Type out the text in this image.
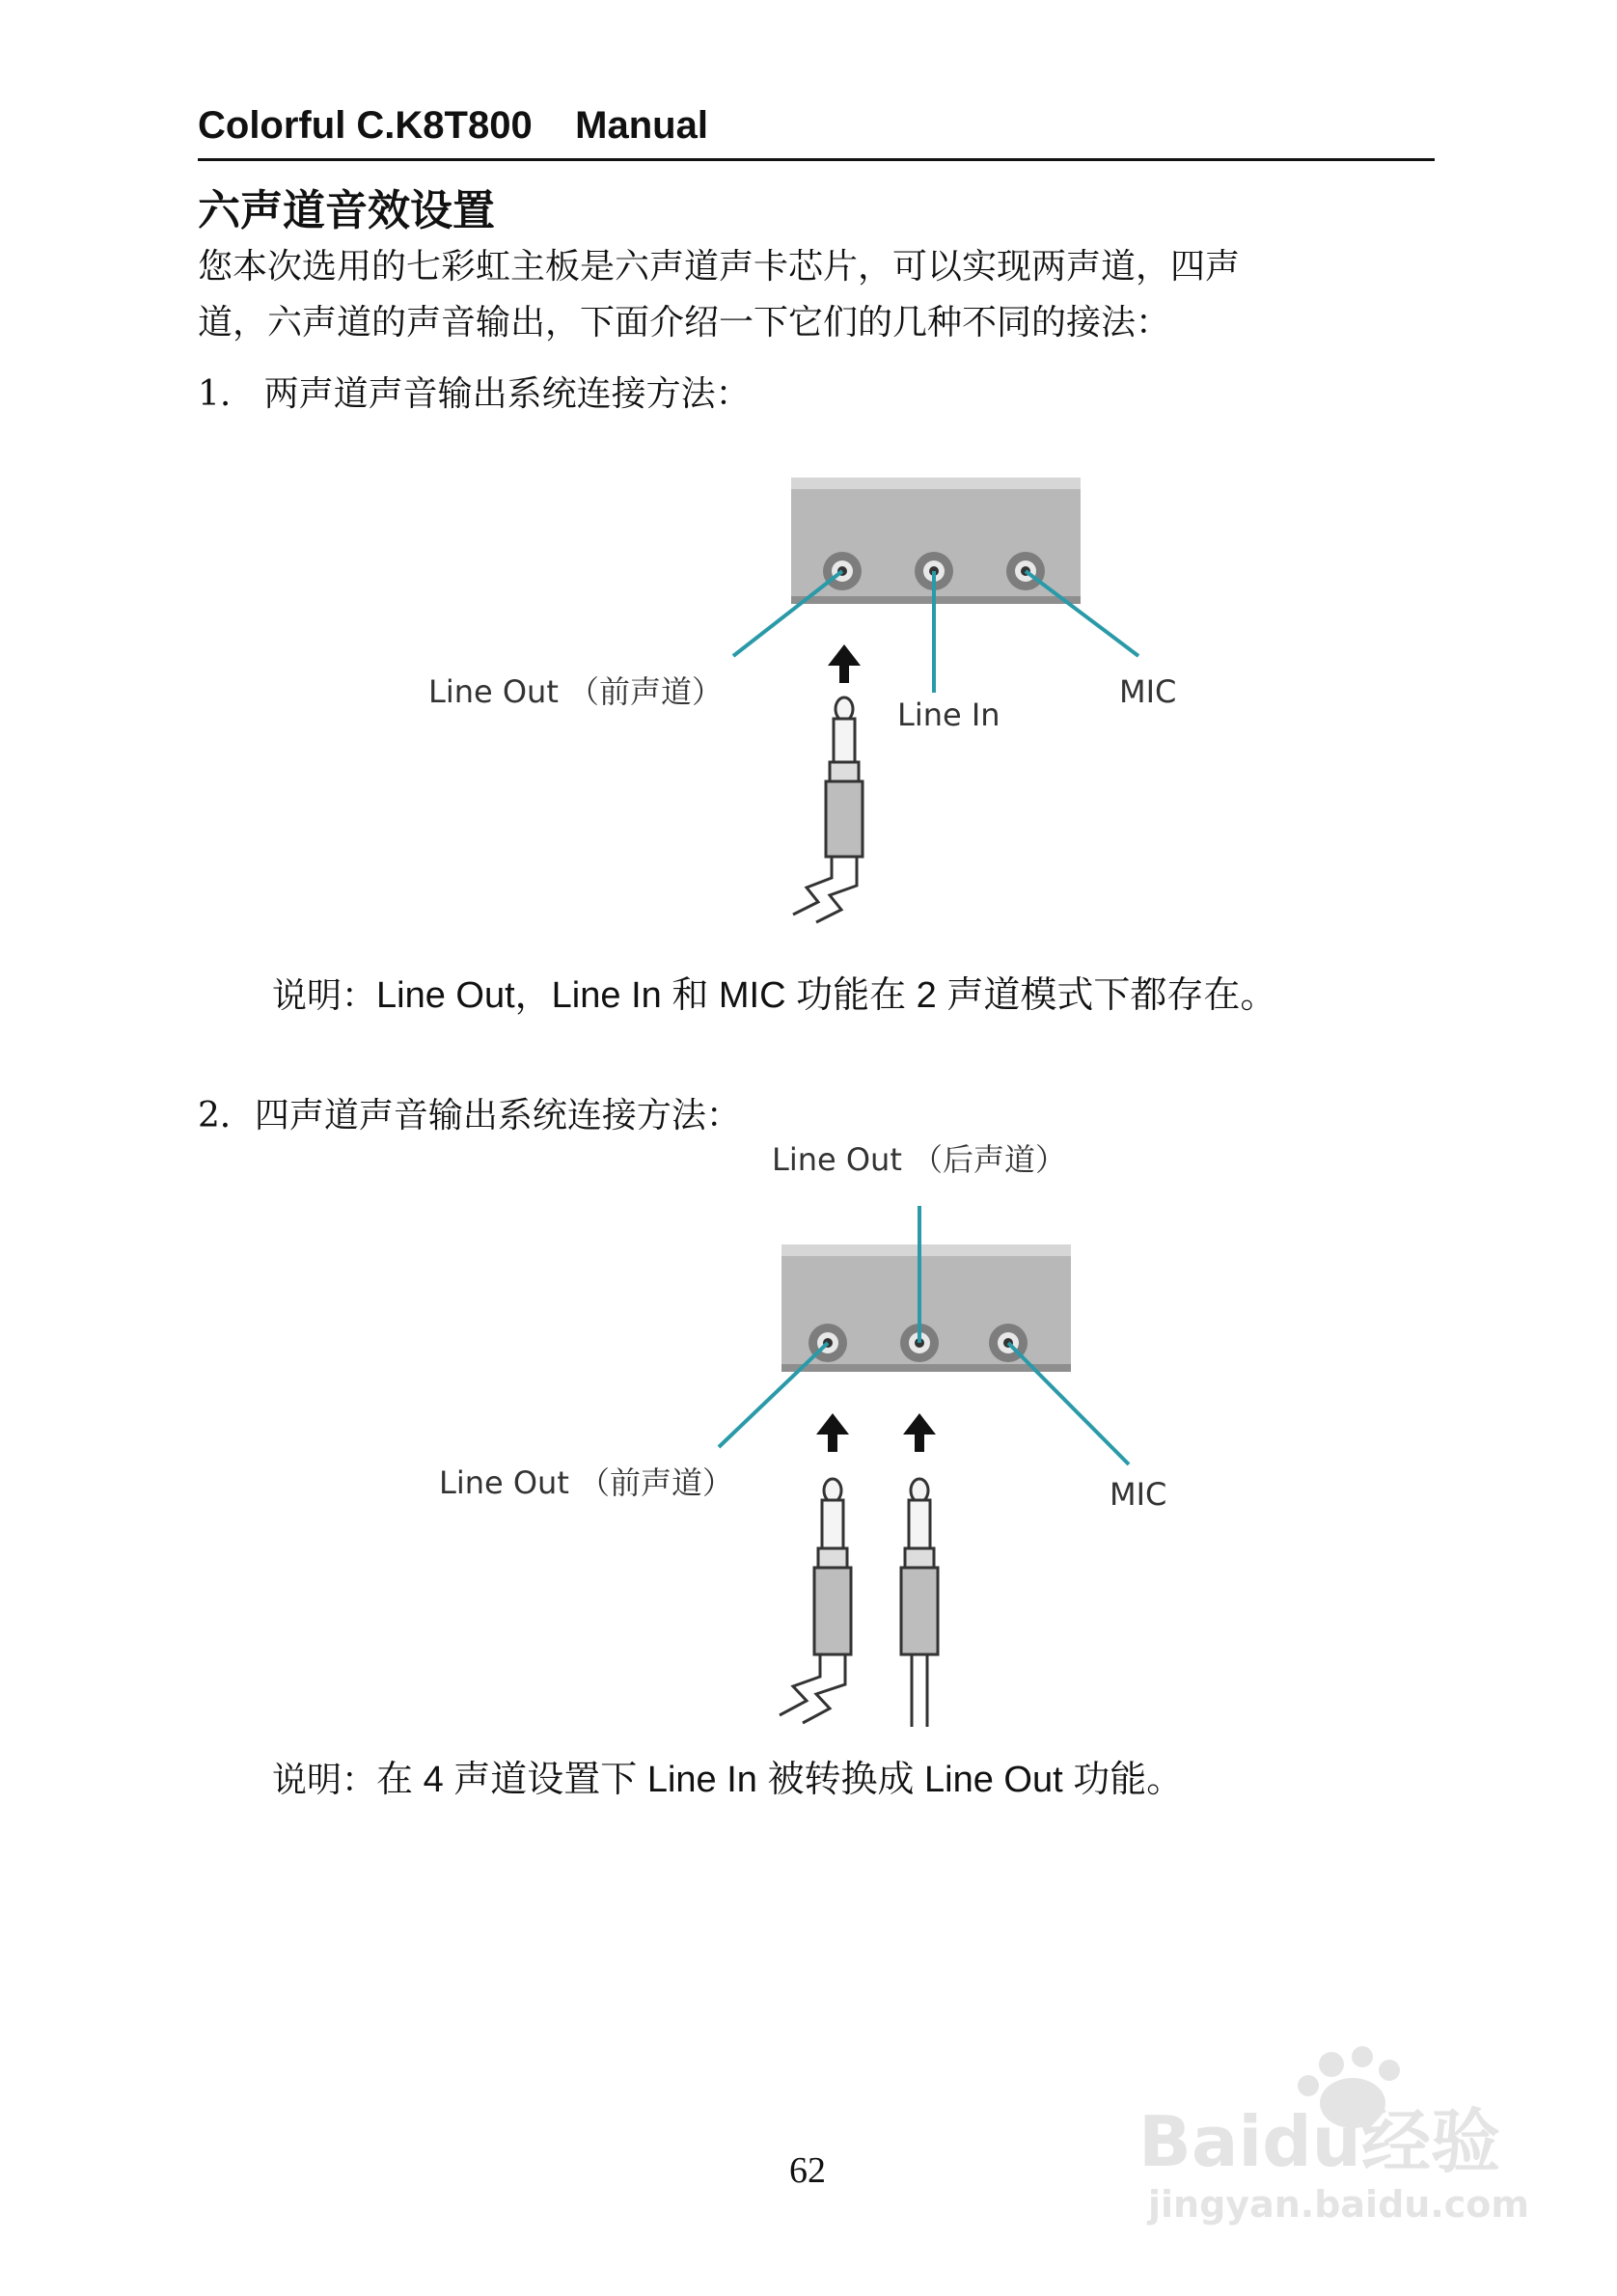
Colorful C.K8T800    Manual
六声道音效设置

您本次选用的七彩虹主板是六声道声卡芯片，可以实现两声道，四声

道，六声道的声音输出，下面介绍一下它们的几种不同的接法：

1.   两声道声音输出系统连接方法：
Line Out （前声道）
Line In
MIC
说明：Line Out，Line In 和 MIC 功能在 2 声道模式下都存在。
2．四声道声音输出系统连接方法：
Line Out （后声道）
Line Out （前声道）	MIC
说明：在 4 声道设置下 Line In 被转换成 Line Out 功能。
62	Baidu经验
jingyan.baidu.com
